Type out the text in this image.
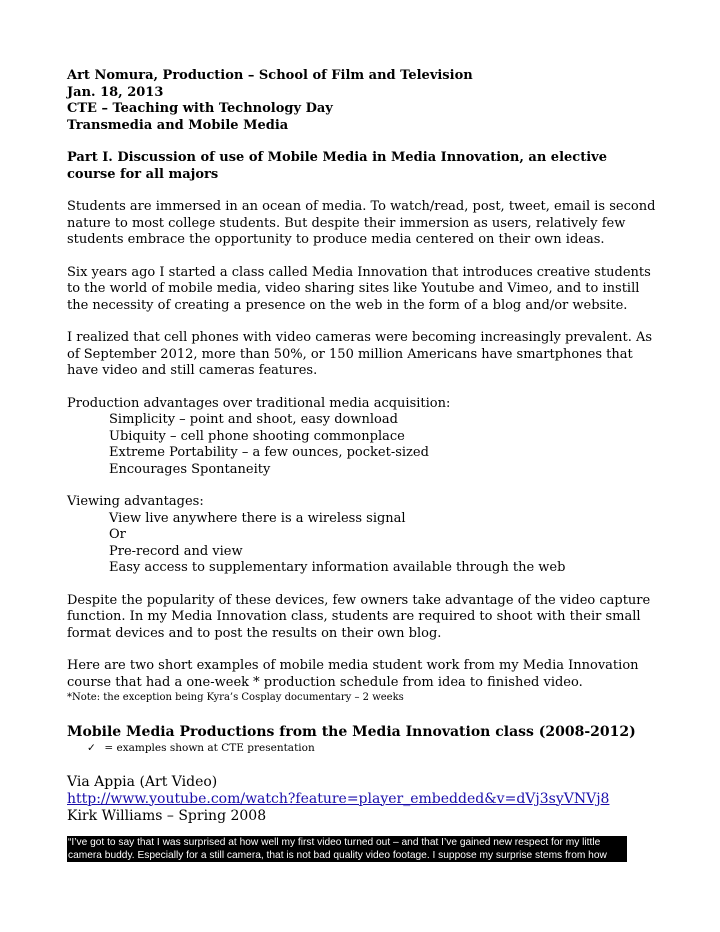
Art Nomura, Production – School of Film and Television
Jan. 18, 2013
CTE – Teaching with Technology Day
Transmedia and Mobile Media
Part I. Discussion of use of Mobile Media in Media Innovation, an elective course for all majors

Students are immersed in an ocean of media. To watch/read, post, tweet, email is second nature to most college students. But despite their immersion as users, relatively few students embrace the opportunity to produce media centered on their own ideas.

Six years ago I started a class called Media Innovation that introduces creative students to the world of mobile media, video sharing sites like Youtube and Vimeo, and to instill the necessity of creating a presence on the web in the form of a blog and/or website.

I realized that cell phones with video cameras were becoming increasingly prevalent. As of September 2012, more than 50%, or 150 million Americans have smartphones that have video and still cameras features.

Production advantages over traditional media acquisition:

Simplicity – point and shoot, easy download
Ubiquity – cell phone shooting commonplace
Extreme Portability – a few ounces, pocket-sized
Encourages Spontaneity

Viewing advantages:

View live anywhere there is a wireless signal
Or
Pre-record and view
Easy access to supplementary information available through the web

Despite the popularity of these devices, few owners take advantage of the video capture function. In my Media Innovation class, students are required to shoot with their small format devices and to post the results on their own blog.

Here are two short examples of mobile media student work from my Media Innovation course that had a one-week * production schedule from idea to finished video.

*Note: the exception being Kyra’s Cosplay documentary – 2 weeks
Mobile Media Productions from the Media Innovation class (2008-2012)
✓ = examples shown at CTE presentation
Via Appia (Art Video)
http://www.youtube.com/watch?feature=player_embedded&v=dVj3syVNVj8
Kirk Williams – Spring 2008
“I’ve got to say that I was surprised at how well my first video turned out – and that I’ve gained new respect for my little
camera buddy. Especially for a still camera, that is not bad quality video footage. I suppose my surprise stems from how
